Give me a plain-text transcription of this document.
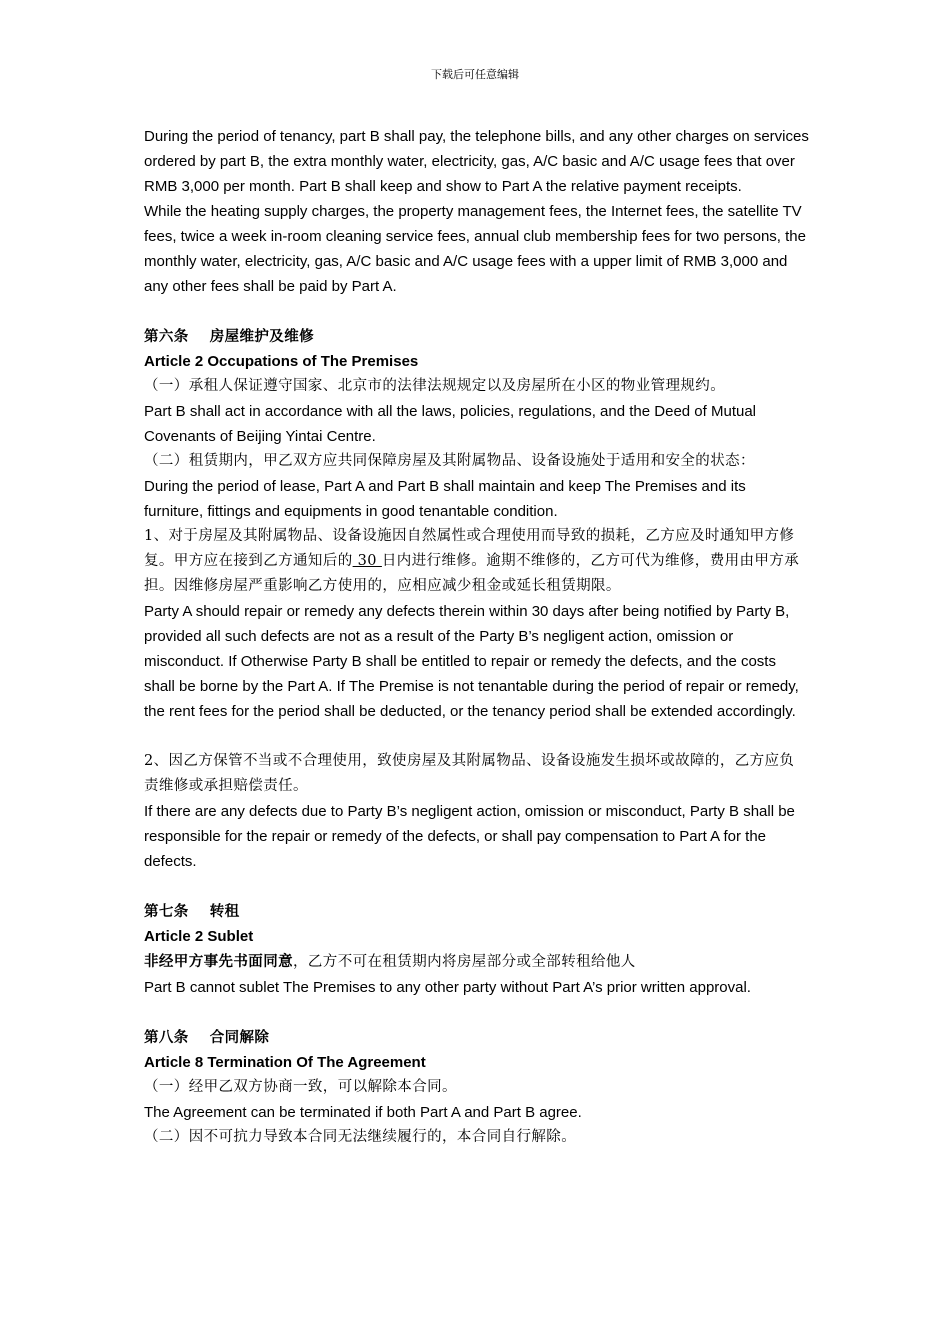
下载后可任意编辑

During the period of tenancy, part B shall pay, the telephone bills, and any other charges on services ordered by part B, the extra monthly water, electricity, gas, A/C basic and A/C usage fees that over RMB 3,000 per month. Part B shall keep and show to Part A the relative payment receipts.

While the heating supply charges, the property management fees, the Internet fees, the satellite TV fees, twice a week in-room cleaning service fees, annual club membership fees for two persons, the monthly water, electricity, gas, A/C basic and A/C usage fees with a upper limit of RMB 3,000 and any other fees shall be paid by Part A.

第六条 房屋维护及维修

Article 2 Occupations of The Premises

（一）承租人保证遵守国家、北京市的法律法规规定以及房屋所在小区的物业管理规约。

Part B shall act in accordance with all the laws, policies, regulations, and the Deed of Mutual Covenants of Beijing Yintai Centre.

（二）租赁期内，甲乙双方应共同保障房屋及其附属物品、设备设施处于适用和安全的状态：

During the period of lease, Part A and Part B shall maintain and keep The Premises and its furniture, fittings and equipments in good tenantable condition.

1、对于房屋及其附属物品、设备设施因自然属性或合理使用而导致的损耗，乙方应及时通知甲方修复。甲方应在接到乙方通知后的 30 日内进行维修。逾期不维修的，乙方可代为维修，费用由甲方承担。因维修房屋严重影响乙方使用的，应相应减少租金或延长租赁期限。

Party A should repair or remedy any defects therein within 30 days after being notified by Party B, provided all such defects are not as a result of the Party B’s negligent action, omission or misconduct. If Otherwise Party B shall be entitled to repair or remedy the defects, and the costs shall be borne by the Part A. If The Premise is not tenantable during the period of repair or remedy, the rent fees for the period shall be deducted, or the tenancy period shall be extended accordingly.

2、因乙方保管不当或不合理使用，致使房屋及其附属物品、设备设施发生损坏或故障的，乙方应负责维修或承担赔偿责任。

If there are any defects due to Party B’s negligent action, omission or misconduct, Party B shall be responsible for the repair or remedy of the defects, or shall pay compensation to Part A for the defects.

第七条 转租

Article 2 Sublet

非经甲方事先书面同意，乙方不可在租赁期内将房屋部分或全部转租给他人

Part B cannot sublet The Premises to any other party without Part A’s prior written approval.

第八条 合同解除

Article 8 Termination Of The Agreement

（一）经甲乙双方协商一致，可以解除本合同。

The Agreement can be terminated if both Part A and Part B agree.

（二）因不可抗力导致本合同无法继续履行的，本合同自行解除。
